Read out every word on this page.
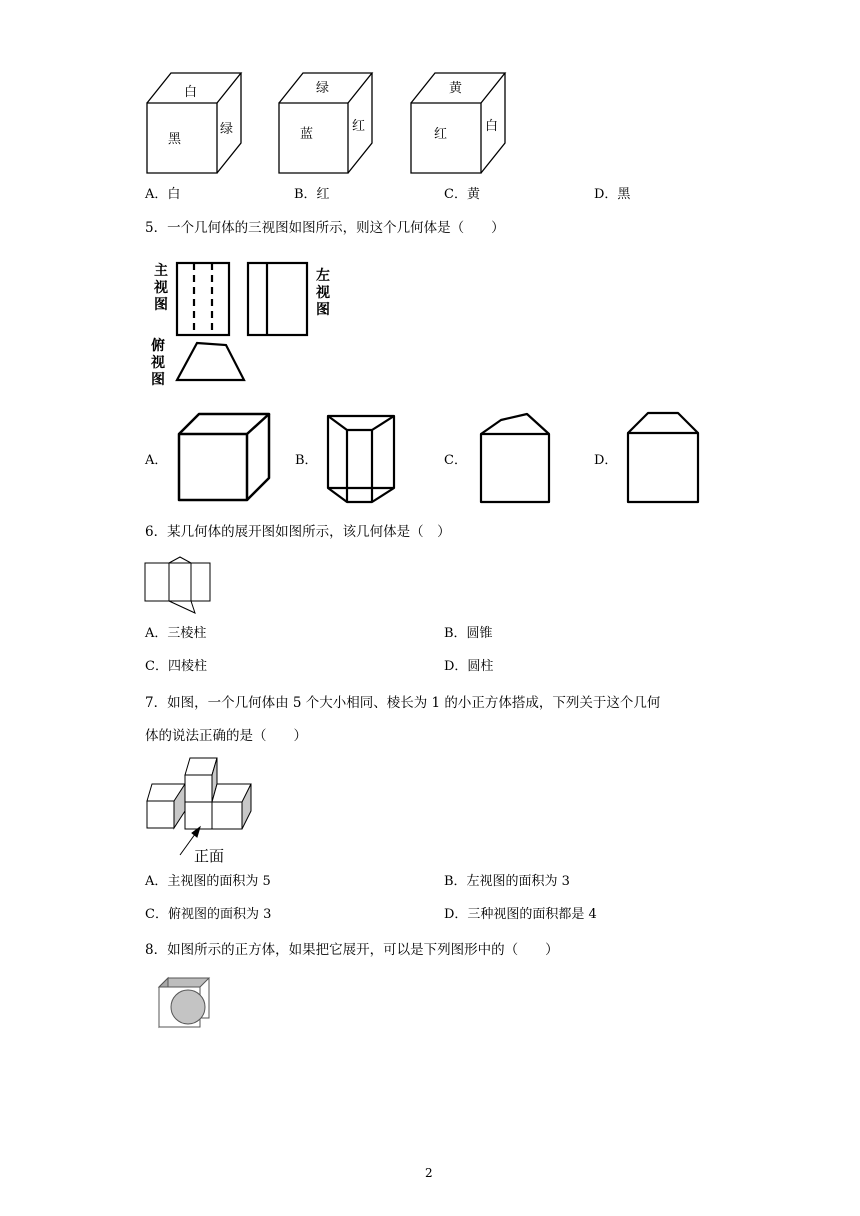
白
黑
绿
绿
蓝
红
黄
红
白
A．白	B．红	C．黄	D．黑
5．一个几何体的三视图如图所示，则这个几何体是（　　）
主
视
图
左
视
图
俯
视
图
A．	B．	C．	D．
6．某几何体的展开图如图所示，该几何体是（　）
A．三棱柱	B．圆锥
C．四棱柱	D．圆柱
7．如图，一个几何体由 5 个大小相同、棱长为 1 的小正方体搭成，下列关于这个几何
体的说法正确的是（　　）
正面
A．主视图的面积为 5	B．左视图的面积为 3
C．俯视图的面积为 3	D．三种视图的面积都是 4
8．如图所示的正方体，如果把它展开，可以是下列图形中的（　　）
2
